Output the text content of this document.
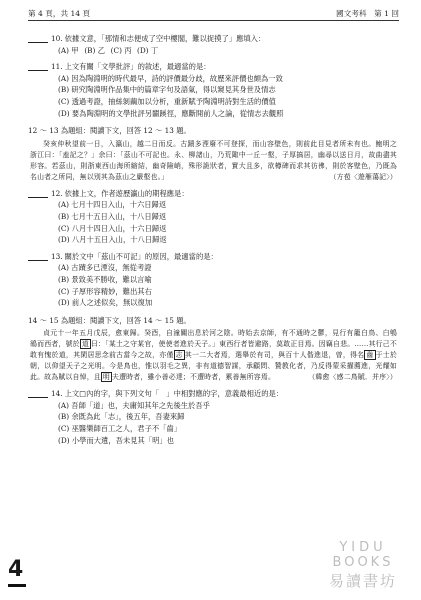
第 4 頁，共 14 頁	國文考科　第 1 回
10. 依據文意，「那情和志便成了空中樓閣，難以捉摸了」應填入：
(A) 甲 (B) 乙 (C) 丙 (D) 丁
11. 上文有關「文學批評」的敘述，最適當的是：
(A) 因為陶淵明的時代最早，詩的評價最分歧，故歷來評價也頗為一致
(B) 研究陶淵明作品集中的篇章字句及語氣，得以窺見其身世及情志
(C) 透過考證，抽絲剝繭加以分析，重新賦予陶淵明詩對生活的價值
(D) 要為陶淵明的文學批評另闢蹊徑，應斷開前人之論，從情志去觀照
12 ～ 13 為題組：閱讀下文，回答 12 ～ 13 題。
癸亥仲秋望前一日，入瀛山，越二日而反。古蹟多湮廢不可登探，而山容壁色，則前此目見者所未有也。鮑明之浙江曰：「盍記之？」余曰：「茲山不可記也。永、柳諸山，乃荒陬中一丘一壑，子厚搞居，幽尋以送日月，故曲盡其形容。若茲山，則浙東西山海所縮結，幽奇險峭，殊形詭狀者，實大且多，欲樽碑而求其彷彿，則於客壁色，乃既為名山者之所同，無以別其為茲山之嚴壑也。」	（方苞〈遊雁蕩記〉）
12. 依據上文，作者遊歷瀛山的期程應是：
(A) 七月十四日入山，十六日歸返
(B) 七月十五日入山，十八日歸返
(C) 八月十四日入山，十六日歸返
(D) 八月十五日入山，十八日歸返
13. 關於文中「茲山不可記」的原因，最適當的是：
(A) 古蹟多已湮沒，無從考證
(B) 景致美不勝收，難以言喻
(C) 子厚形容精妙，難出其右
(D) 前人之述似矣，無以復加
14 ～ 15 為題組：閱讀下文，回答 14 ～ 15 題。
貞元十一年五月戊辰，愈東歸。癸酉，自潼關出息於河之陰。時始去京師，有不通時之鬱，見行有籠白鳥、白鴝鵒而西者，號於 道 曰：「某土之守某官，使使者進於天子。」東西行者皆避路，莫敢正目焉。因竊自悲。……其行己不敢有愧於道，其閑居思念前古當今之故，亦僅 志 其一二大者焉，選舉於有司，與百十人偕進退，曾，得名 齒 于士於朝，以仰望天子之光明。今是鳥也，惟以羽毛之異，非有道德智謀，承顧問、贊教化者，乃反得蒙采擢薦進，光耀如此。故為賦以自悼，且 明 夫遭時者，雖小善必達；不遭時者，累善無所容焉。	（韓愈〈感二鳥賦．并序〉）
14. 上文□內的字，與下列文句「　」中相對應的字，意義最相近的是：
(A) 吾師「道」也，夫庸知其年之先後生於吾乎
(B) 余既為此「志」，後五年，吾妻來歸
(C) 巫醫樂師百工之人，君子不「齒」
(D) 小學而大遺，吾未見其「明」也
4
YIDU
BOOKS
易讀書坊
